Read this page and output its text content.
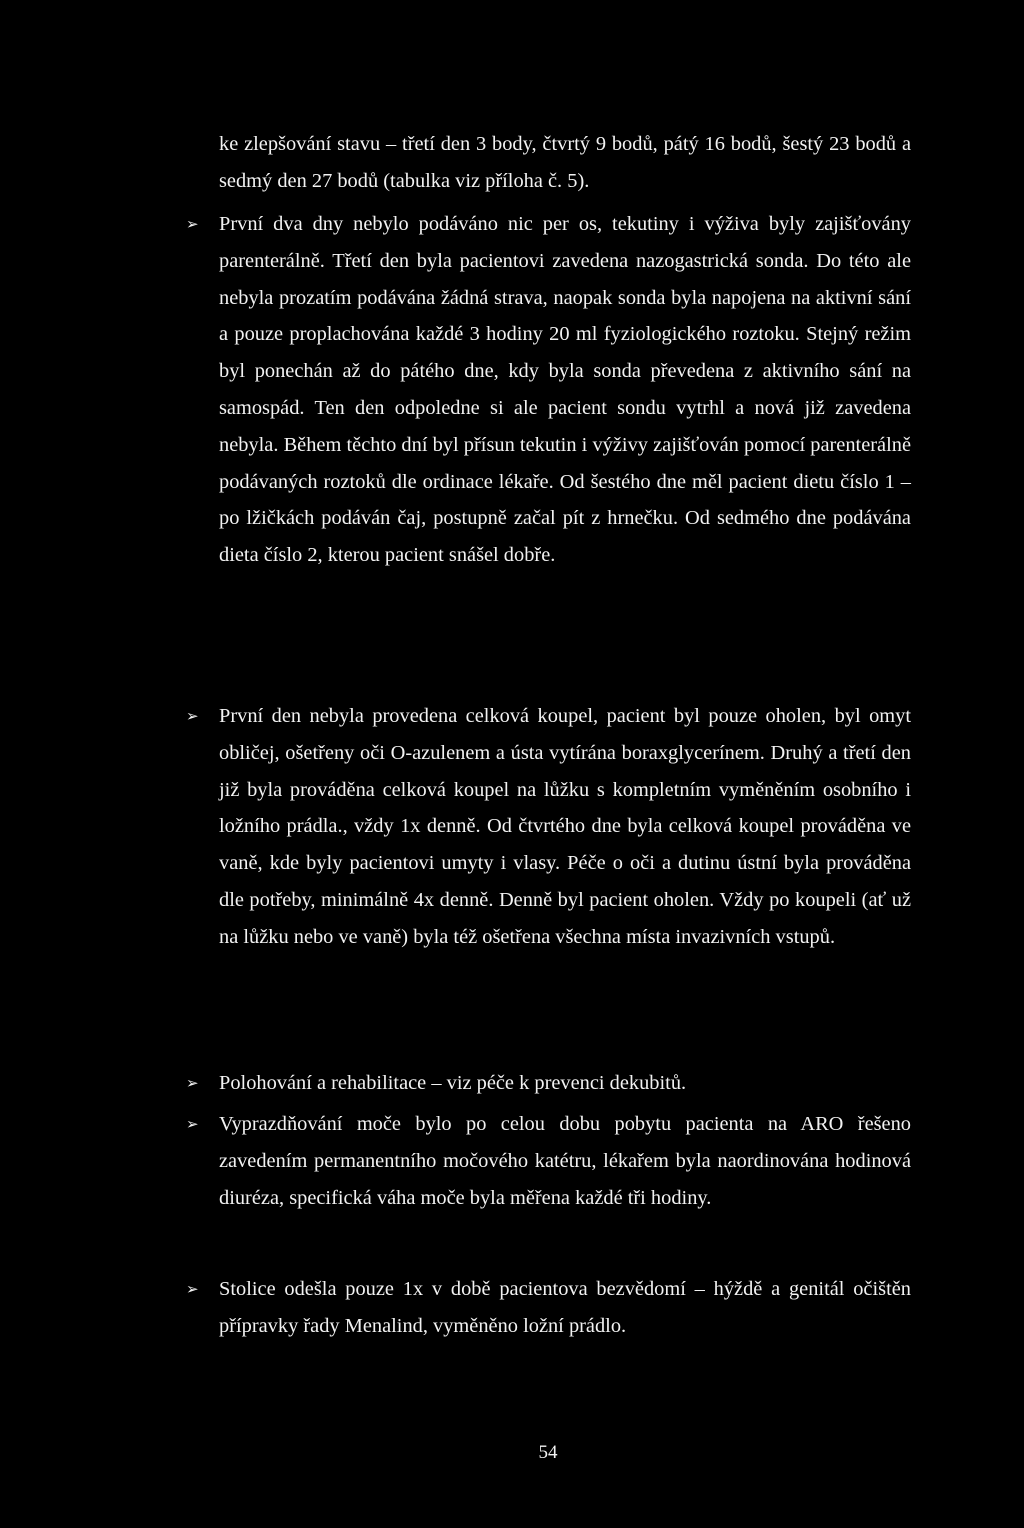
ke zlepšování stavu – třetí den 3 body, čtvrtý 9 bodů, pátý 16 bodů, šestý 23 bodů a sedmý den 27 bodů (tabulka viz příloha č. 5).

➢ První dva dny nebylo podáváno nic per os, tekutiny i výživa byly zajišťovány parenterálně. Třetí den byla pacientovi zavedena nazogastrická sonda. Do této ale nebyla prozatím podávána žádná strava, naopak sonda byla napojena na aktivní sání a pouze proplachována každé 3 hodiny 20 ml fyziologického roztoku. Stejný režim byl ponechán až do pátého dne, kdy byla sonda převedena z aktivního sání na samospád. Ten den odpoledne si ale pacient sondu vytrhl a nová již zavedena nebyla. Během těchto dní byl přísun tekutin i výživy zajišťován pomocí parenterálně podávaných roztoků dle ordinace lékaře. Od šestého dne měl pacient dietu číslo 1 – po lžičkách podáván čaj, postupně začal pít z hrnečku. Od sedmého dne podávána dieta číslo 2, kterou pacient snášel dobře.

➢ První den nebyla provedena celková koupel, pacient byl pouze oholen, byl omyt obličej, ošetřeny oči O-azulenem a ústa vytírána boraxglycerínem. Druhý a třetí den již byla prováděna celková koupel na lůžku s kompletním vyměněním osobního i ložního prádla., vždy 1x denně. Od čtvrtého dne byla celková koupel prováděna ve vaně, kde byly pacientovi umyty i vlasy. Péče o oči a dutinu ústní byla prováděna dle potřeby, minimálně 4x denně. Denně byl pacient oholen. Vždy po koupeli (ať už na lůžku nebo ve vaně) byla též ošetřena všechna místa invazivních vstupů.

➢ Polohování a rehabilitace – viz péče k prevenci dekubitů.

➢ Vyprazdňování moče bylo po celou dobu pobytu pacienta na ARO řešeno zavedením permanentního močového katétru, lékařem byla naordinována hodinová diuréza, specifická váha moče byla měřena každé tři hodiny.

➢ Stolice odešla pouze 1x v době pacientova bezvědomí – hýždě a genitál očištěn přípravky řady Menalind, vyměněno ložní prádlo.

54
